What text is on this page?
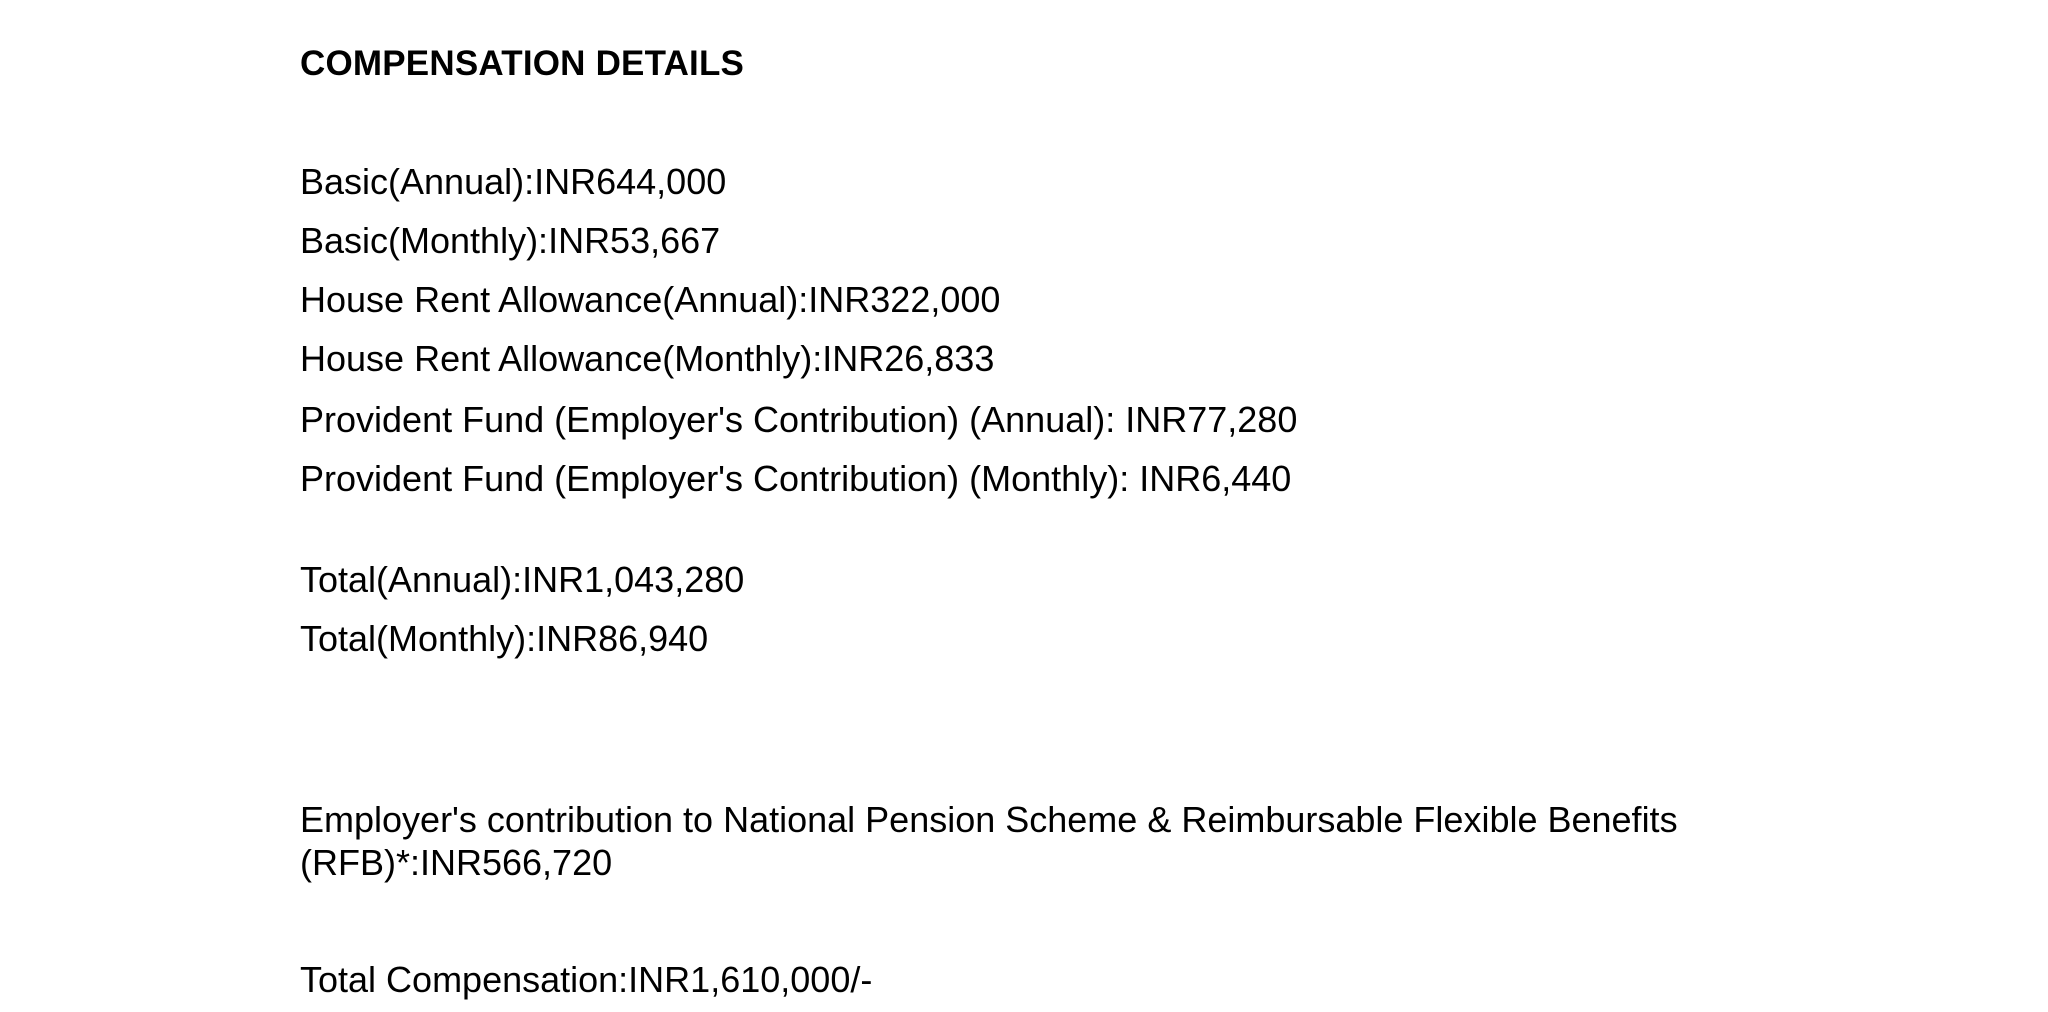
COMPENSATION DETAILS
Basic(Annual):INR644,000
Basic(Monthly):INR53,667
House Rent Allowance(Annual):INR322,000
House Rent Allowance(Monthly):INR26,833
Provident Fund (Employer's Contribution) (Annual): INR77,280
Provident Fund (Employer's Contribution) (Monthly): INR6,440
Total(Annual):INR1,043,280
Total(Monthly):INR86,940
Employer's contribution to National Pension Scheme & Reimbursable Flexible Benefits (RFB)*:INR566,720
Total Compensation:INR1,610,000/-
